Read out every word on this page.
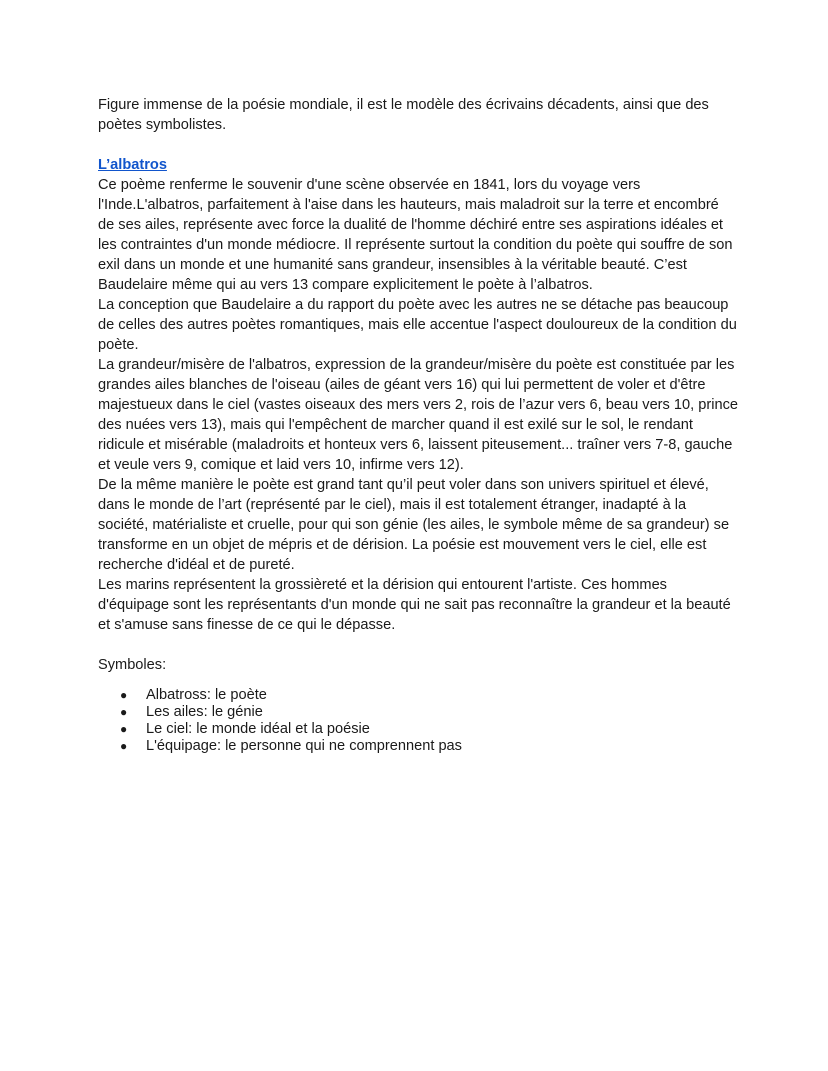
Figure immense de la poésie mondiale, il est le modèle des écrivains décadents, ainsi que des poètes symbolistes.

L’albatros

Ce poème renferme le souvenir d'une scène observée en 1841, lors du voyage vers l'Inde.L'albatros, parfaitement à l'aise dans les hauteurs, mais maladroit sur la terre et encombré de ses ailes, représente avec force la dualité de l'homme déchiré entre ses aspirations idéales et les contraintes d'un monde médiocre. Il représente surtout la condition du poète qui souffre de son exil dans un monde et une humanité sans grandeur, insensibles à la véritable beauté. C’est Baudelaire même qui au vers 13 compare explicitement le poète à l’albatros.

La conception que Baudelaire a du rapport du poète avec les autres ne se détache pas beaucoup de celles des autres poètes romantiques, mais elle accentue l'aspect douloureux de la condition du poète.

La grandeur/misère de l'albatros, expression de la grandeur/misère du poète est constituée par les grandes ailes blanches de l'oiseau (ailes de géant vers 16) qui lui permettent de voler et d'être majestueux dans le ciel (vastes oiseaux des mers vers 2, rois de l’azur vers 6, beau vers 10, prince des nuées vers 13), mais qui l'empêchent de marcher quand il est exilé sur le sol, le rendant ridicule et misérable (maladroits et honteux vers 6, laissent piteusement... traîner vers 7-8, gauche et veule vers 9, comique et laid vers 10, infirme vers 12).

De la même manière le poète est grand tant qu’il peut voler dans son univers spirituel et élevé, dans le monde de l’art (représenté par le ciel), mais il est totalement étranger, inadapté à la société, matérialiste et cruelle, pour qui son génie (les ailes, le symbole même de sa grandeur) se transforme en un objet de mépris et de dérision. La poésie est mouvement vers le ciel, elle est recherche d'idéal et de pureté.

Les marins représentent la grossièreté et la dérision qui entourent l'artiste. Ces hommes d'équipage sont les représentants d'un monde qui ne sait pas reconnaître la grandeur et la beauté et s'amuse sans finesse de ce qui le dépasse.

Symboles:

● Albatross: le poète
● Les ailes: le génie
● Le ciel: le monde idéal et la poésie
● L'équipage: le personne qui ne comprennent pas
